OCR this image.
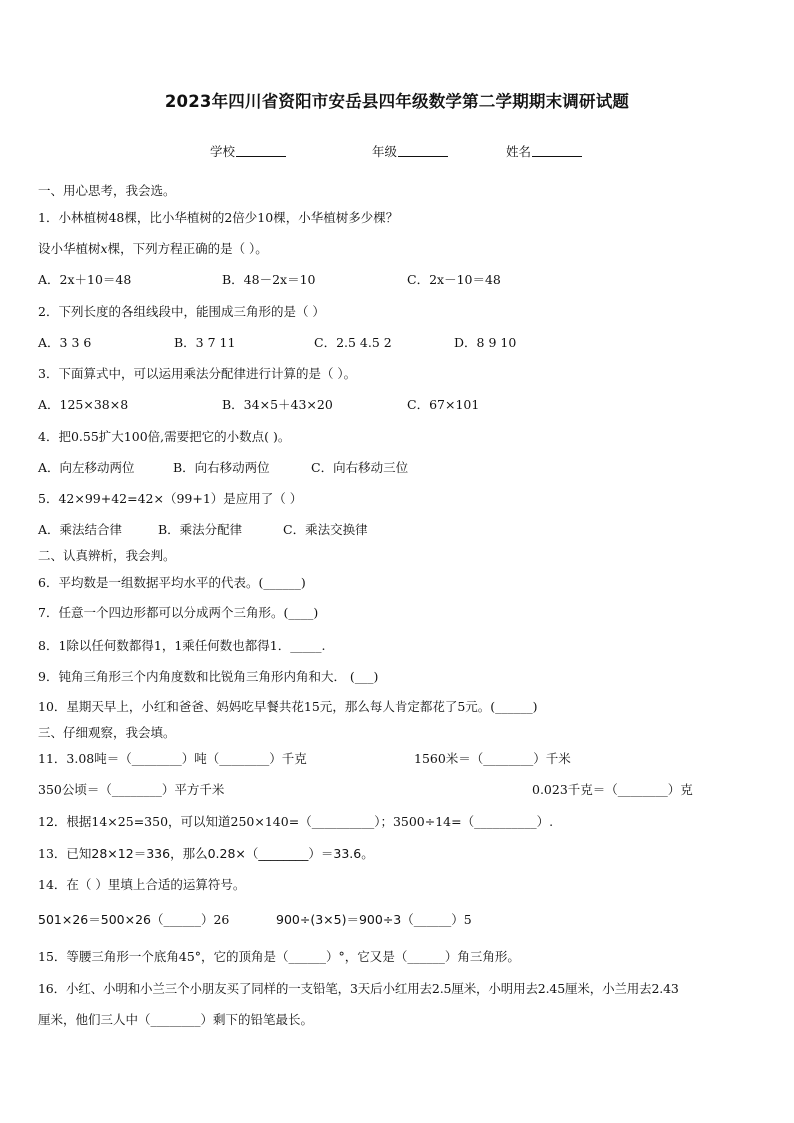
2023年四川省资阳市安岳县四年级数学第二学期期末调研试题
学校	年级	姓名
一、用心思考，我会选。
1．小林植树48棵，比小华植树的2倍少10棵，小华植树多少棵？
设小华植树x棵，下列方程正确的是（ ）。
A．2x＋10＝48	B．48－2x＝10	C．2x－10＝48
2．下列长度的各组线段中，能围成三角形的是（ ）
A．3 3 6	B．3 7 11	C．2.5 4.5 2	D．8 9 10
3．下面算式中，可以运用乘法分配律进行计算的是（ ）。
A．125×38×8	B．34×5＋43×20	C．67×101
4．把0.55扩大100倍,需要把它的小数点( )。
A．向左移动两位	B．向右移动两位	C．向右移动三位
5．42×99+42=42×（99+1）是应用了（ ）
A．乘法结合律	B．乘法分配律	C．乘法交换律
二、认真辨析，我会判。
6．平均数是一组数据平均水平的代表。(______)
7．任意一个四边形都可以分成两个三角形。(____)
8．1除以任何数都得1，1乘任何数也都得1．_____.
9．钝角三角形三个内角度数和比锐角三角形内角和大． (___)
10．星期天早上，小红和爸爸、妈妈吃早餐共花15元，那么每人肯定都花了5元。(______)
三、仔细观察，我会填。
11．3.08吨＝（________）吨（________）千克	1560米＝（________）千米
350公顷＝（________）平方千米	0.023千克＝（________）克
12．根据14×25=350，可以知道250×140=（__________）；3500÷14=（__________）.
13．已知28×12＝336，那么0.28×（________）＝33.6。
14．在（ ）里填上合适的运算符号。
501×26＝500×26（______）26	900÷(3×5)＝900÷3（______）5
15．等腰三角形一个底角45°，它的顶角是（______）°，它又是（______）角三角形。
16．小红、小明和小兰三个小朋友买了同样的一支铅笔，3天后小红用去2.5厘米，小明用去2.45厘米，小兰用去2.43
厘米，他们三人中（________）剩下的铅笔最长。
